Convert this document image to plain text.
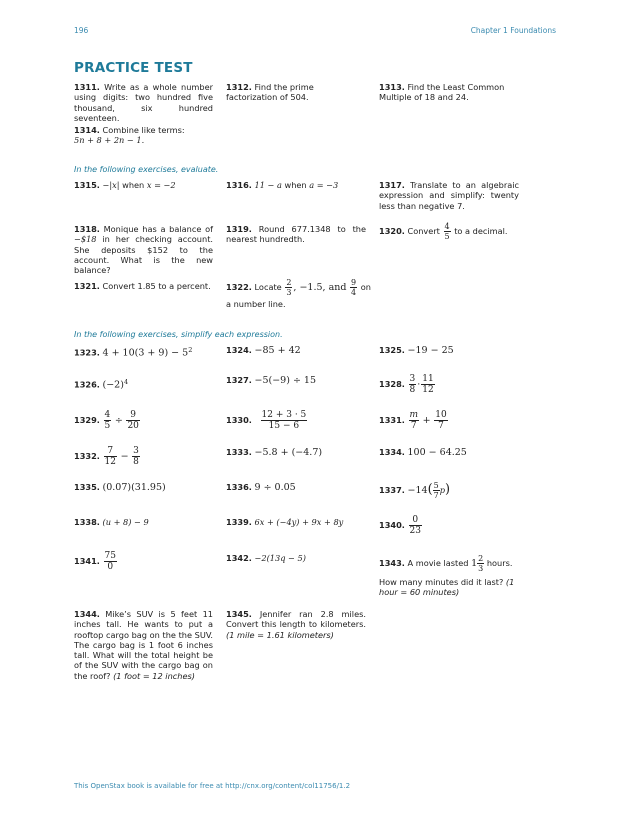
196	Chapter 1 Foundations
PRACTICE TEST
1311. Write as a whole number using digits: two hundred five thousand, six hundred seventeen.
1312. Find the prime factorization of 504.
1313. Find the Least Common Multiple of 18 and 24.
1314. Combine like terms:
5n + 8 + 2n − 1.
In the following exercises, evaluate.
1315. −|x| when x = −2	1316. 11 − a when a = −3	1317. Translate to an algebraic expression and simplify: twenty less than negative 7.
1318. Monique has a balance of −$18 in her checking account. She deposits $152 to the account. What is the new balance?
1319. Round 677.1348 to the nearest hundredth.
1320. Convert $\frac{4}{5}$ to a decimal.
1321. Convert 1.85 to a percent.	1322. Locate $\frac{2}{3}$ , −1.5, and $\frac{9}{4}$ on a number line.
In the following exercises, simplify each expression.
1323. $4 + 10(3 + 9) - 5^2$	1324. −85 + 42	1325. −19 − 25
1326. $(-2)^4$	1327. −5(−9) ÷ 15	1328. $\frac{3}{8} \cdot \frac{11}{12}$
1329. $\frac{4}{5} \div \frac{9}{20}$	1330. $\frac{12 + 3 \cdot 5}{15 - 6}$	1331. $\frac{m}{7} + \frac{10}{7}$
1332. $\frac{7}{12} - \frac{3}{8}$	1333. −5.8 + (−4.7)	1334. 100 − 64.25
1335. (0.07)(31.95)	1336. 9 ÷ 0.05	1337. $-14( \frac{5}{7} p)$
1338. (u + 8) − 9	1339. 6x + (−4y) + 9x + 8y	1340. $\frac{0}{23}$
1341. $\frac{75}{0}$	1342. −2(13q − 5)	1343. A movie lasted $1 \frac{2}{3}$ hours.
How many minutes did it last? (1 hour = 60 minutes)
1344. Mike’s SUV is 5 feet 11 inches tall. He wants to put a rooftop cargo bag on the the SUV. The cargo bag is 1 foot 6 inches tall. What will the total height be of the SUV with the cargo bag on the roof? (1 foot = 12 inches)
1345. Jennifer ran 2.8 miles. Convert this length to kilometers. (1 mile = 1.61 kilometers)
This OpenStax book is available for free at http://cnx.org/content/col11756/1.2
